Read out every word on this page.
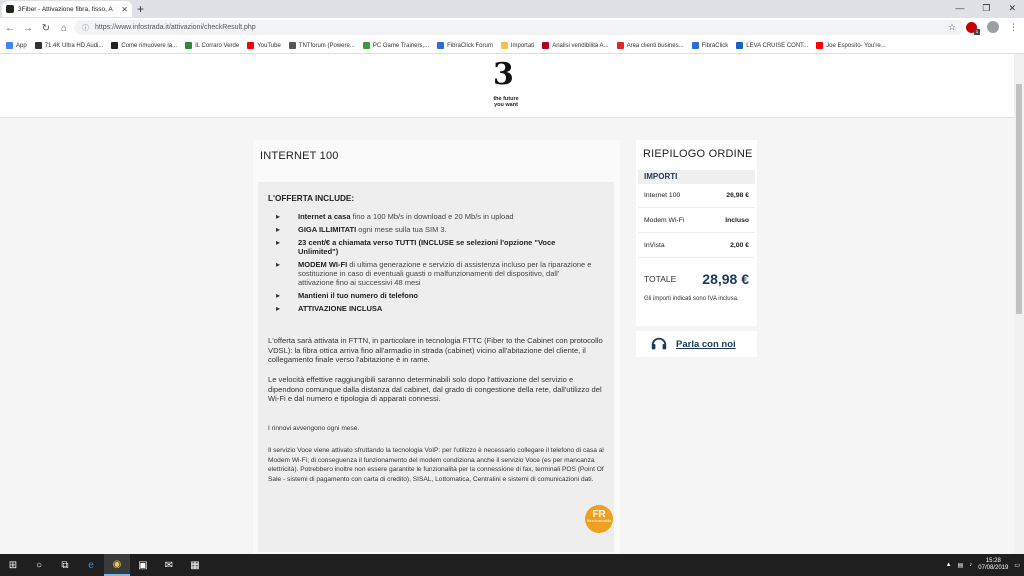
3Fiber - Attivazione fibra, fisso, A	✕ +	— ❐ ✕
← → ↻	⌂	ⓘ https://www.infostrada.it/attivazioni/checkResult.php	☆	1	⋮
App	71.4K Ultra HD Audi...	Come rimuovere la...	IL Corraro Verde	YouTube	TNTforum (Powere...	PC Game Trainers,...	FibraClick Forum	Importati	Analisi vendibilità A...	Area clienti busines...	FibraClick	LEVA CRUISE CONT...	Joe Esposito- You're...
3
the future you want
INTERNET 100
L'OFFERTA INCLUDE:
▸ Internet a casa fino a 100 Mb/s in download e 20 Mb/s in upload
▸ GIGA ILLIMITATI ogni mese sulla tua SIM 3.
▸ 23 cent/€ a chiamata verso TUTTI (INCLUSE se selezioni l'opzione "Voce Unlimited")
▸ MODEM WI-FI di ultima generazione e servizio di assistenza incluso per la riparazione e sostituzione in caso di eventuali guasti o malfunzionamenti del dispositivo, dall' attivazione fino ai successivi 48 mesi
▸ Mantieni il tuo numero di telefono
▸ ATTIVAZIONE INCLUSA
L'offerta sarà attivata in FTTN, in particolare in tecnologia FTTC (Fiber to the Cabinet con protocollo VDSL): la fibra ottica arriva fino all'armadio in strada (cabinet) vicino all'abitazione del cliente, il collegamento finale verso l'abitazione è in rame.
Le velocità effettive raggiungibili saranno determinabili solo dopo l'attivazione del servizio e dipendono comunque dalla distanza dal cabinet, dal grado di congestione della rete, dall'utilizzo del Wi-Fi e dal numero e tipologia di apparati connessi.
I rinnovi avvengono ogni mese.
Il servizio Voce viene attivato sfruttando la tecnologia VoIP: per l'utilizzo è necessario collegare il telefono di casa al Modem Wi-Fi; di conseguenza il funzionamento del modem condiziona anche il servizio Voce (es per mancanza elettricità). Potrebbero inoltre non essere garantite le funzionalità per la connessione di fax, terminali POS (Point Of Sale - sistemi di pagamento con carta di credito), SISAL, Lottomatica, Centralini e sistemi di comunicazioni dati.
FR
fibra ricaricabile
RIEPILOGO ORDINE
IMPORTI
Internet 100	26,98 €
Modem Wi-Fi	Incluso
InVista	2,00 €
TOTALE 28,98 €
Gli importi indicati sono IVA inclusa.
Parla con noi
⊞	○	⧉	e	◉	▣	✉	▦	▲ ▤ ♪
15:28
07/08/2019 ▭
